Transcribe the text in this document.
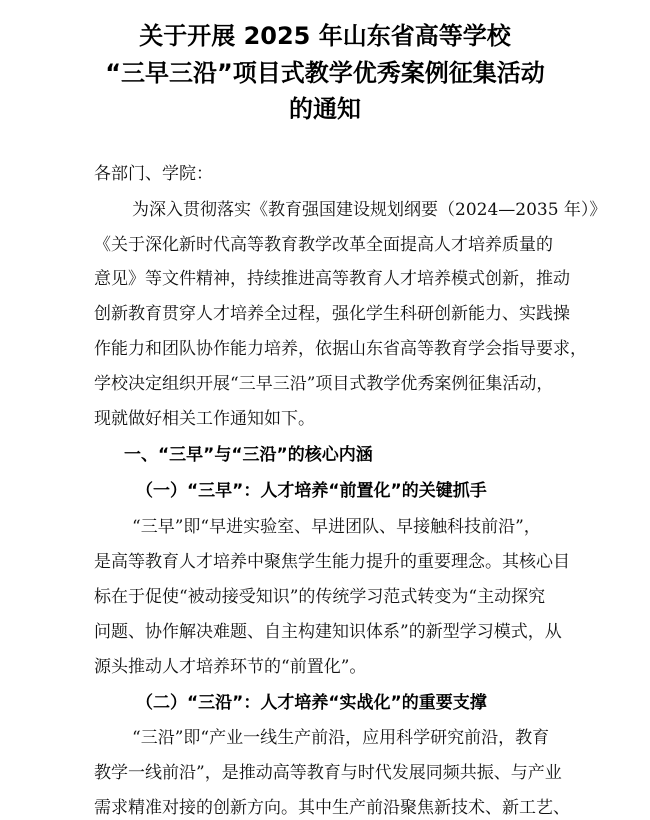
关于开展 2025 年山东省高等学校
“三早三沿”项目式教学优秀案例征集活动
的通知
各部门、学院：
为深入贯彻落实《教育强国建设规划纲要（2024—2035 年）》
《关于深化新时代高等教育教学改革全面提高人才培养质量的
意见》等文件精神，持续推进高等教育人才培养模式创新，推动
创新教育贯穿人才培养全过程，强化学生科研创新能力、实践操
作能力和团队协作能力培养，依据山东省高等教育学会指导要求，
学校决定组织开展“三早三沿”项目式教学优秀案例征集活动，
现就做好相关工作通知如下。
一、“三早”与“三沿”的核心内涵
（一）“三早”：人才培养“前置化”的关键抓手
“三早”即“早进实验室、早进团队、早接触科技前沿”，
是高等教育人才培养中聚焦学生能力提升的重要理念。其核心目
标在于促使“被动接受知识”的传统学习范式转变为“主动探究
问题、协作解决难题、自主构建知识体系”的新型学习模式，从
源头推动人才培养环节的“前置化”。
（二）“三沿”：人才培养“实战化”的重要支撑
“三沿”即“产业一线生产前沿，应用科学研究前沿，教育
教学一线前沿”，是推动高等教育与时代发展同频共振、与产业
需求精准对接的创新方向。其中生产前沿聚焦新技术、新工艺、
